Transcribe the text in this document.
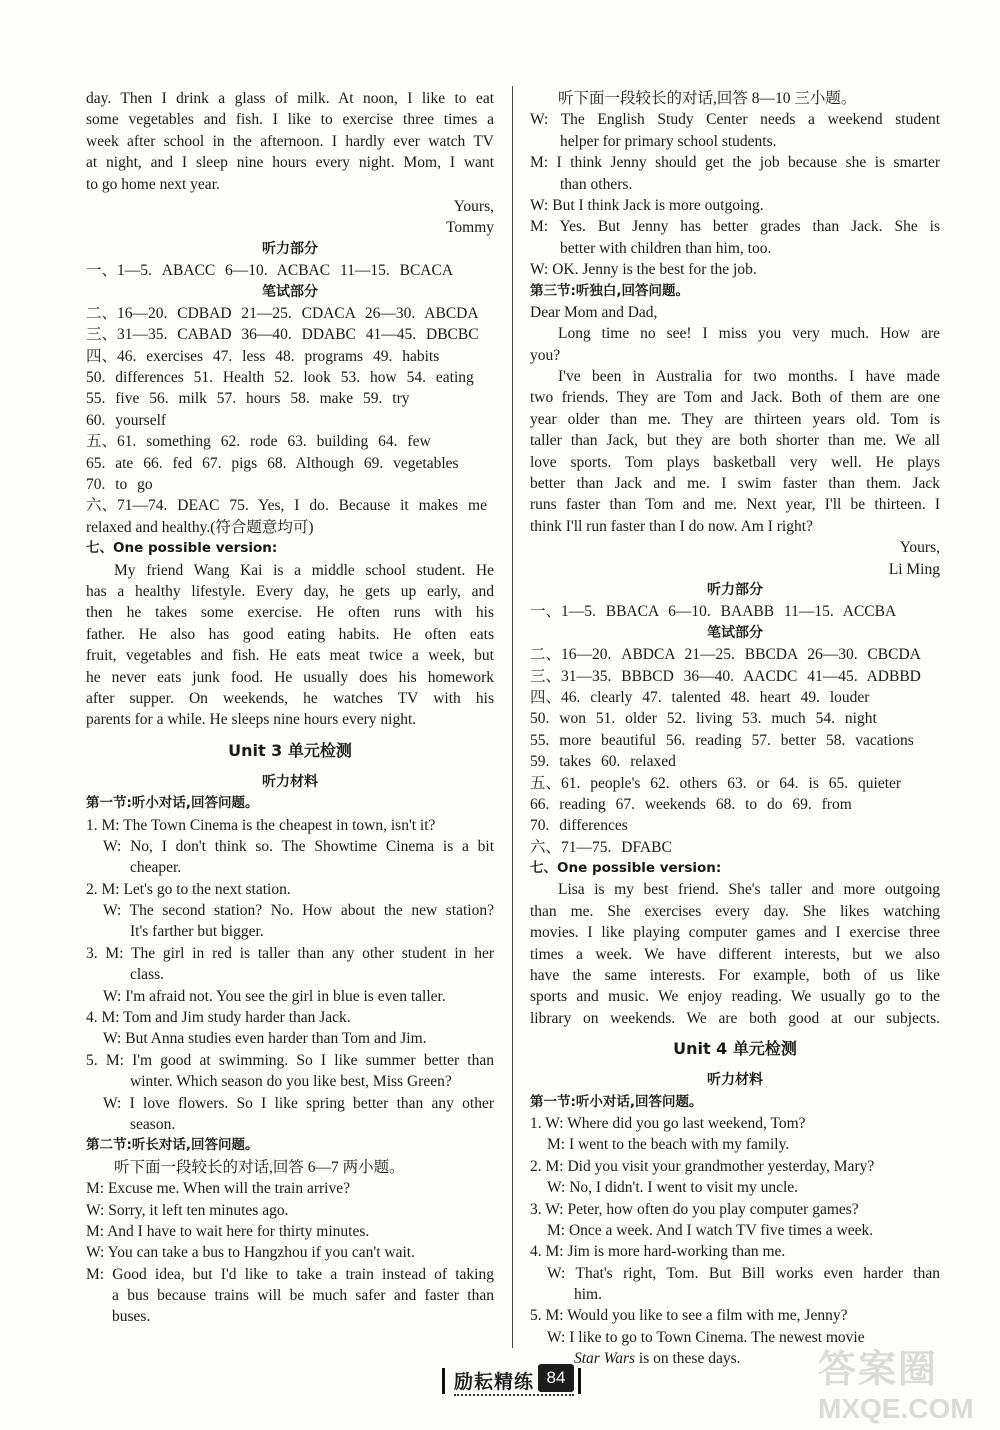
day. Then I drink a glass of milk. At noon, I like to eat
some vegetables and fish. I like to exercise three times a
week after school in the afternoon. I hardly ever watch TV
at night, and I sleep nine hours every night. Mom, I want
to go home next year.
Yours,
Tommy
听力部分
一、1—5. ABACC 6—10. ACBAC 11—15. BCACA
笔试部分
二、16—20. CDBAD 21—25. CDACA 26—30. ABCDA
三、31—35. CABAD 36—40. DDABC 41—45. DBCBC
四、46. exercises 47. less 48. programs 49. habits
50. differences 51. Health 52. look 53. how 54. eating
55. five 56. milk 57. hours 58. make 59. try
60. yourself
五、61. something 62. rode 63. building 64. few
65. ate 66. fed 67. pigs 68. Although 69. vegetables
70. to go
六、71—74. DEAC 75. Yes, I do. Because it makes me
relaxed and healthy.(符合题意均可)
七、One possible version:
My friend Wang Kai is a middle school student. He
has a healthy lifestyle. Every day, he gets up early, and
then he takes some exercise. He often runs with his
father. He also has good eating habits. He often eats
fruit, vegetables and fish. He eats meat twice a week, but
he never eats junk food. He usually does his homework
after supper. On weekends, he watches TV with his
parents for a while. He sleeps nine hours every night.
Unit 3 单元检测
听力材料
第一节:听小对话,回答问题。
1. M: The Town Cinema is the cheapest in town, isn't it?
W: No, I don't think so. The Showtime Cinema is a bit
cheaper.
2. M: Let's go to the next station.
W: The second station? No. How about the new station?
It's farther but bigger.
3. M: The girl in red is taller than any other student in her
class.
W: I'm afraid not. You see the girl in blue is even taller.
4. M: Tom and Jim study harder than Jack.
W: But Anna studies even harder than Tom and Jim.
5. M: I'm good at swimming. So I like summer better than
winter. Which season do you like best, Miss Green?
W: I love flowers. So I like spring better than any other
season.
第二节:听长对话,回答问题。
听下面一段较长的对话,回答 6—7 两小题。
M: Excuse me. When will the train arrive?
W: Sorry, it left ten minutes ago.
M: And I have to wait here for thirty minutes.
W: You can take a bus to Hangzhou if you can't wait.
M: Good idea, but I'd like to take a train instead of taking
a bus because trains will be much safer and faster than
buses.
听下面一段较长的对话,回答 8—10 三小题。
W: The English Study Center needs a weekend student
helper for primary school students.
M: I think Jenny should get the job because she is smarter
than others.
W: But I think Jack is more outgoing.
M: Yes. But Jenny has better grades than Jack. She is
better with children than him, too.
W: OK. Jenny is the best for the job.
第三节:听独白,回答问题。
Dear Mom and Dad,
Long time no see! I miss you very much. How are
you?
I've been in Australia for two months. I have made
two friends. They are Tom and Jack. Both of them are one
year older than me. They are thirteen years old. Tom is
taller than Jack, but they are both shorter than me. We all
love sports. Tom plays basketball very well. He plays
better than Jack and me. I swim faster than them. Jack
runs faster than Tom and me. Next year, I'll be thirteen. I
think I'll run faster than I do now. Am I right?
Yours,
Li Ming
听力部分
一、1—5. BBACA 6—10. BAABB 11—15. ACCBA
笔试部分
二、16—20. ABDCA 21—25. BBCDA 26—30. CBCDA
三、31—35. BBBCD 36—40. AACDC 41—45. ADBBD
四、46. clearly 47. talented 48. heart 49. louder
50. won 51. older 52. living 53. much 54. night
55. more beautiful 56. reading 57. better 58. vacations
59. takes 60. relaxed
五、61. people's 62. others 63. or 64. is 65. quieter
66. reading 67. weekends 68. to do 69. from
70. differences
六、71—75. DFABC
七、One possible version:
Lisa is my best friend. She's taller and more outgoing
than me. She exercises every day. She likes watching
movies. I like playing computer games and I exercise three
times a week. We have different interests, but we also
have the same interests. For example, both of us like
sports and music. We enjoy reading. We usually go to the
library on weekends. We are both good at our subjects.
Unit 4 单元检测
听力材料
第一节:听小对话,回答问题。
1. W: Where did you go last weekend, Tom?
M: I went to the beach with my family.
2. M: Did you visit your grandmother yesterday, Mary?
W: No, I didn't. I went to visit my uncle.
3. W: Peter, how often do you play computer games?
M: Once a week. And I watch TV five times a week.
4. M: Jim is more hard-working than me.
W: That's right, Tom. But Bill works even harder than
him.
5. M: Would you like to see a film with me, Jenny?
W: I like to go to Town Cinema. The newest movie
Star Wars is on these days.
励耘精练 84	答案圈
MXQE.COM
